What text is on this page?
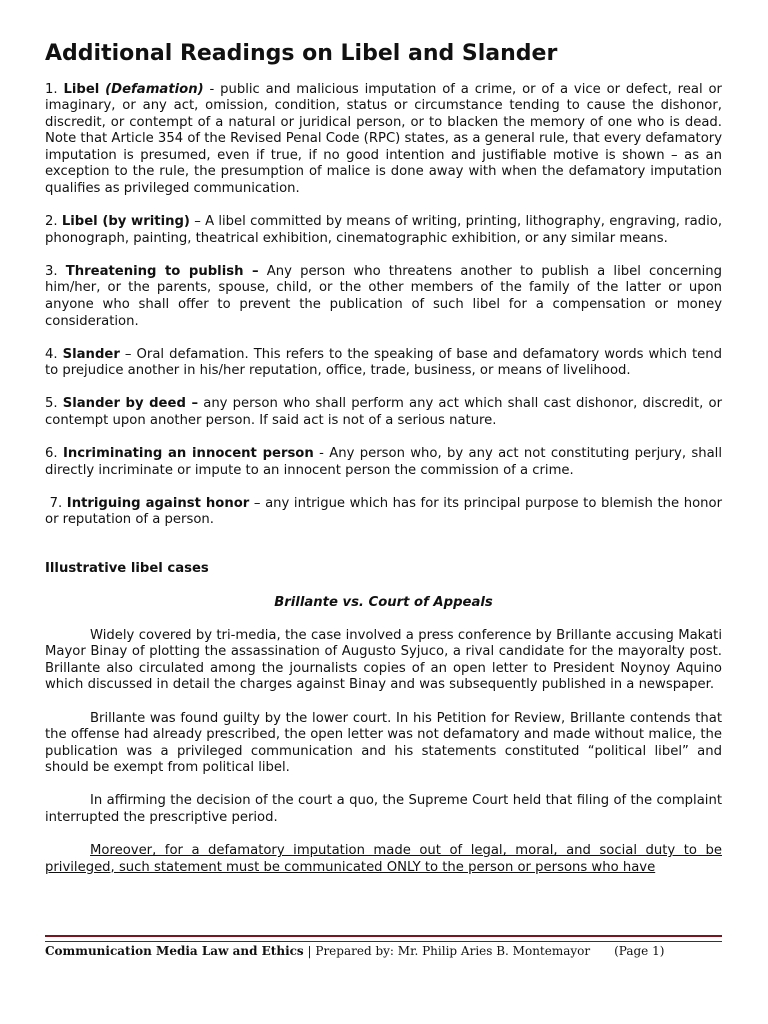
Additional Readings on Libel and Slander

1. Libel (Defamation) - public and malicious imputation of a crime, or of a vice or defect, real or imaginary, or any act, omission, condition, status or circumstance tending to cause the dishonor, discredit, or contempt of a natural or juridical person, or to blacken the memory of one who is dead. Note that Article 354 of the Revised Penal Code (RPC) states, as a general rule, that every defamatory imputation is presumed, even if true, if no good intention and justifiable motive is shown – as an exception to the rule, the presumption of malice is done away with when the defamatory imputation qualifies as privileged communication.

2. Libel (by writing) – A libel committed by means of writing, printing, lithography, engraving, radio, phonograph, painting, theatrical exhibition, cinematographic exhibition, or any similar means.

3. Threatening to publish – Any person who threatens another to publish a libel concerning him/her, or the parents, spouse, child, or the other members of the family of the latter or upon anyone who shall offer to prevent the publication of such libel for a compensation or money consideration.

4. Slander – Oral defamation. This refers to the speaking of base and defamatory words which tend to prejudice another in his/her reputation, office, trade, business, or means of livelihood.

5. Slander by deed – any person who shall perform any act which shall cast dishonor, discredit, or contempt upon another person. If said act is not of a serious nature.

6. Incriminating an innocent person - Any person who, by any act not constituting perjury, shall directly incriminate or impute to an innocent person the commission of a crime.

7. Intriguing against honor – any intrigue which has for its principal purpose to blemish the honor or reputation of a person.

Illustrative libel cases
Brillante vs. Court of Appeals

Widely covered by tri-media, the case involved a press conference by Brillante accusing Makati Mayor Binay of plotting the assassination of Augusto Syjuco, a rival candidate for the mayoralty post. Brillante also circulated among the journalists copies of an open letter to President Noynoy Aquino which discussed in detail the charges against Binay and was subsequently published in a newspaper.

Brillante was found guilty by the lower court. In his Petition for Review, Brillante contends that the offense had already prescribed, the open letter was not defamatory and made without malice, the publication was a privileged communication and his statements constituted “political libel” and should be exempt from political libel.

In affirming the decision of the court a quo, the Supreme Court held that filing of the complaint interrupted the prescriptive period.

Moreover, for a defamatory imputation made out of legal, moral, and social duty to be privileged, such statement must be communicated ONLY to the person or persons who have

Communication Media Law and Ethics | Prepared by: Mr. Philip Aries B. Montemayor (Page 1)
